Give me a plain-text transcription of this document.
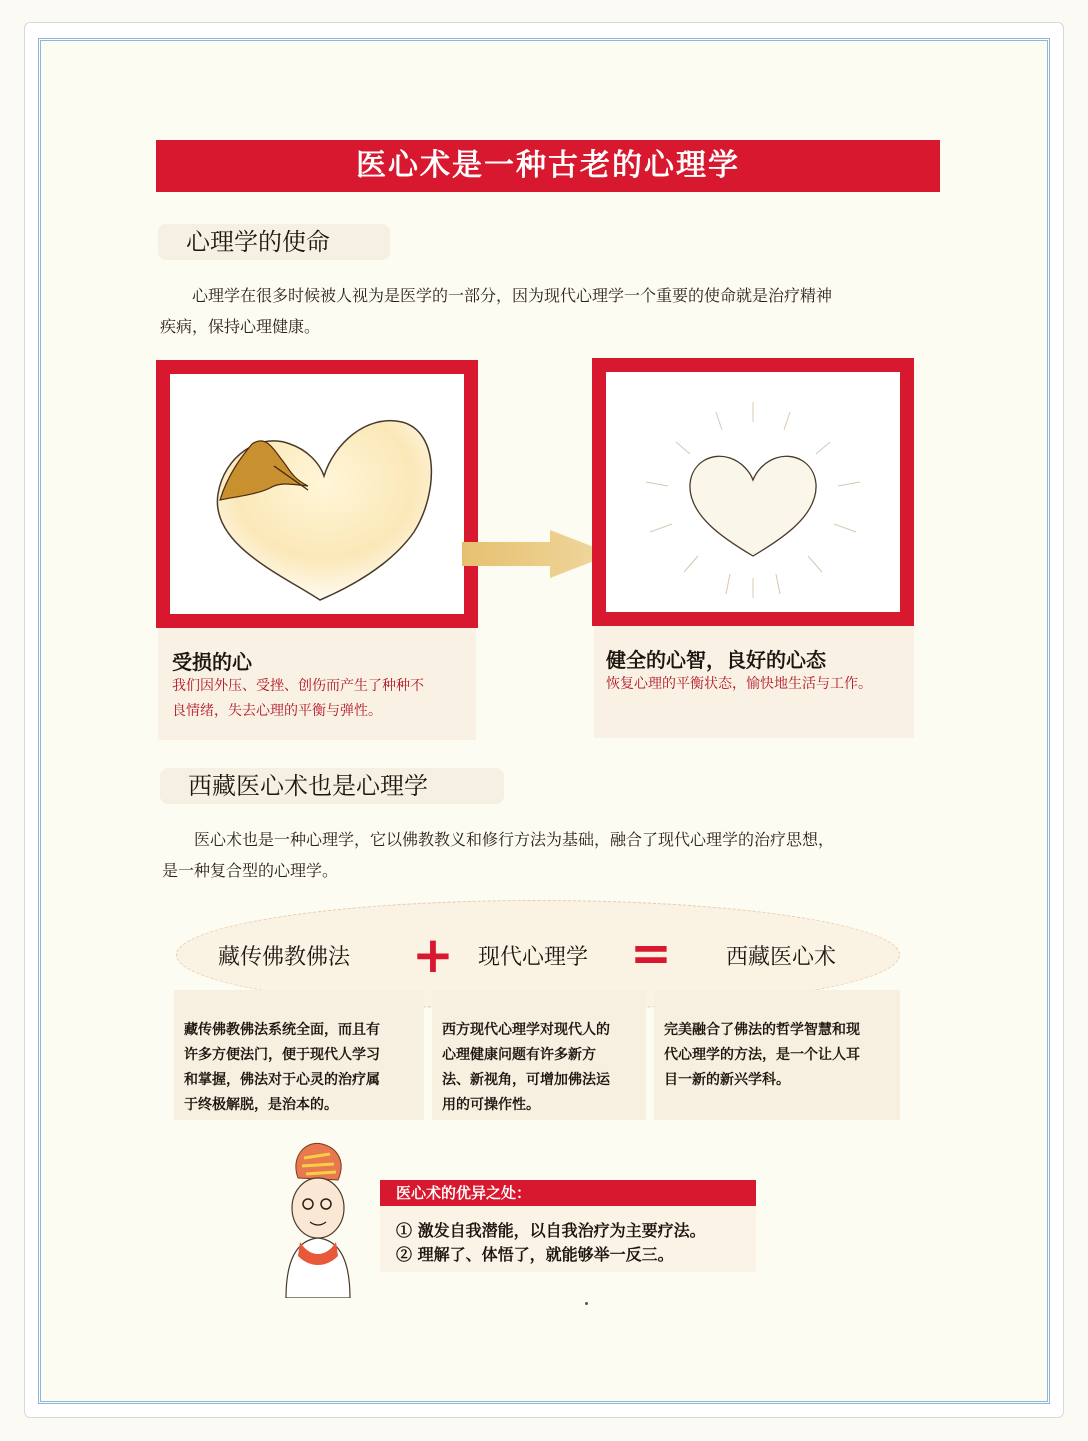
医心术是一种古老的心理学
心理学的使命
心理学在很多时候被人视为是医学的一部分，因为现代心理学一个重要的使命就是治疗精神
疾病，保持心理健康。
受损的心
我们因外压、受挫、创伤而产生了种种不
良情绪，失去心理的平衡与弹性。
健全的心智，良好的心态
恢复心理的平衡状态，愉快地生活与工作。
西藏医心术也是心理学
医心术也是一种心理学，它以佛教教义和修行方法为基础，融合了现代心理学的治疗思想，
是一种复合型的心理学。
藏传佛教佛法 + 现代心理学 = 西藏医心术
藏传佛教佛法系统全面，而且有
许多方便法门，便于现代人学习
和掌握，佛法对于心灵的治疗属
于终极解脱，是治本的。
西方现代心理学对现代人的
心理健康问题有许多新方
法、新视角，可增加佛法运
用的可操作性。
完美融合了佛法的哲学智慧和现
代心理学的方法，是一个让人耳
目一新的新兴学科。
医心术的优异之处：
① 激发自我潜能，以自我治疗为主要疗法。
② 理解了、体悟了，就能够举一反三。
